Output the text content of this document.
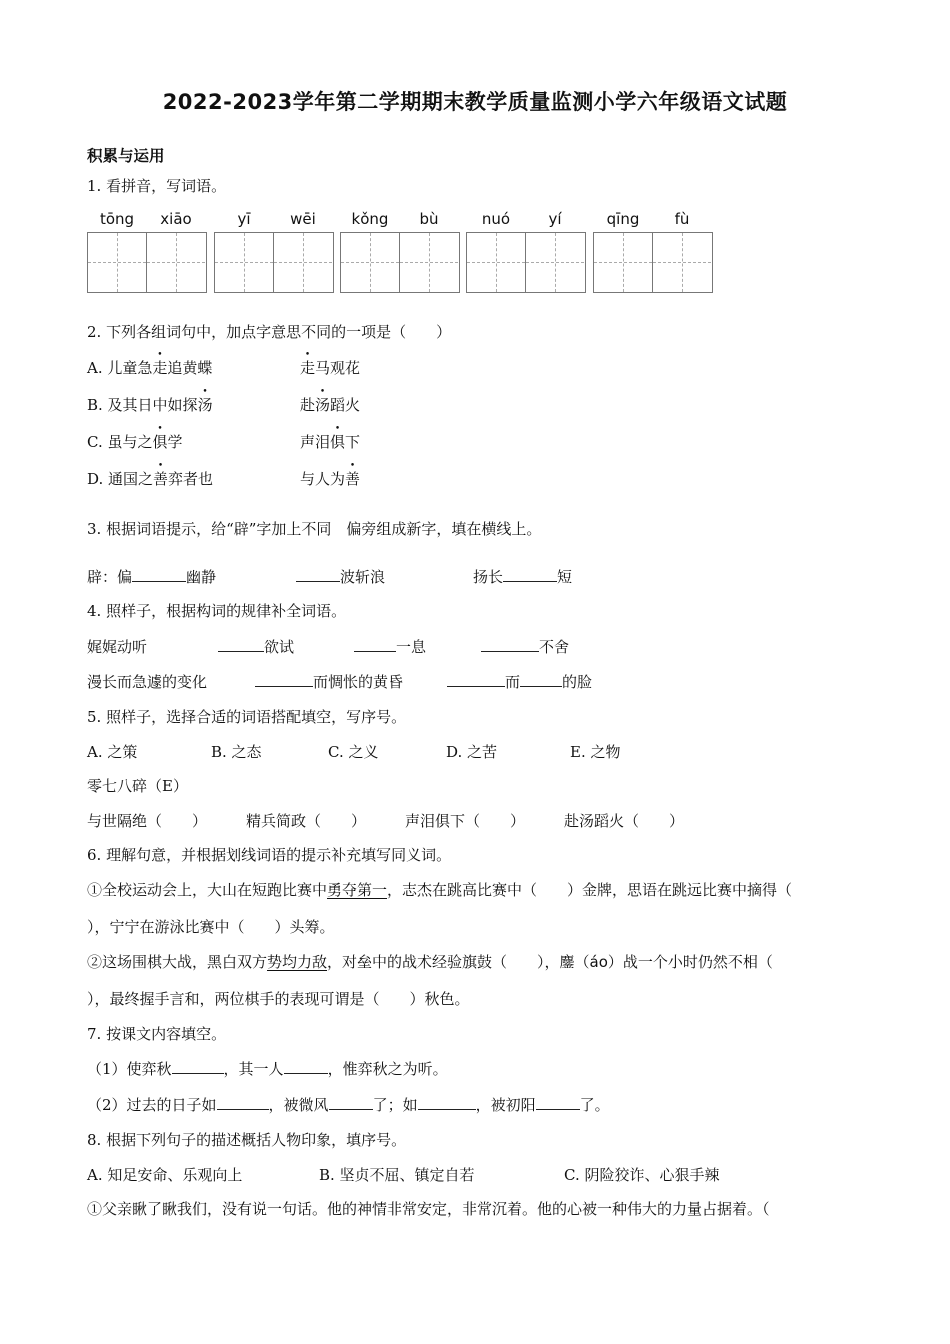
2022-2023学年第二学期期末教学质量监测小学六年级语文试题
积累与运用
1. 看拼音，写词语。
tōng	xiāo	yī	wēi	kǒng	bù	nuó	yí	qīng	fù
2. 下列各组词句中，加点字意思不同的一项是（　　）
A. 儿童急走追黄蝶	走马观花
B. 及其日中如探汤	赴汤蹈火
C. 虽与之俱学	声泪俱下
D. 通国之善弈者也	与人为善
3. 根据词语提示，给“辟”字加上不同　偏旁组成新字，填在横线上。
辟：偏	幽静	波斩浪	扬长	短
4. 照样子，根据构词的规律补全词语。
娓娓动听	欲试	一息	不舍
漫长而急遽的变化	而惆怅的黄昏	而	的脸
5. 照样子，选择合适的词语搭配填空，写序号。
A. 之策	B. 之态	C. 之义	D. 之苦	E. 之物
零七八碎（E）
与世隔绝（　　）	精兵简政（　　）	声泪俱下（　　）	赴汤蹈火（　　）
6. 理解句意，并根据划线词语的提示补充填写同义词。
①全校运动会上，大山在短跑比赛中勇夺第一，志杰在跳高比赛中（　　）金牌，思语在跳远比赛中摘得（
），宁宁在游泳比赛中（　　）头筹。
②这场围棋大战，黑白双方势均力敌，对垒中的战术经验旗鼓（　　），鏖（áo）战一个小时仍然不相（
），最终握手言和，两位棋手的表现可谓是（　　）秋色。
7. 按课文内容填空。
（1）使弈秋	，其一人	，惟弈秋之为听。
（2）过去的日子如	，被微风	了；如	，被初阳	了。
8. 根据下列句子的描述概括人物印象，填序号。
A. 知足安命、乐观向上	B. 坚贞不屈、镇定自若	C. 阴险狡诈、心狠手辣
①父亲瞅了瞅我们，没有说一句话。他的神情非常安定，非常沉着。他的心被一种伟大的力量占据着。（
